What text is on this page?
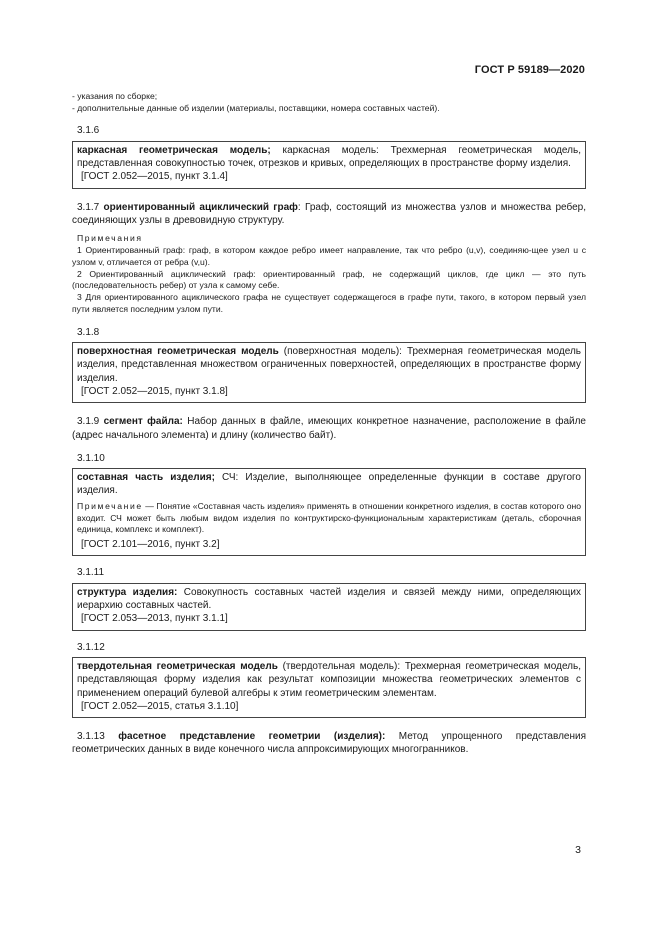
ГОСТ Р 59189—2020
- указания по сборке;
- дополнительные данные об изделии (материалы, поставщики, номера составных частей).
3.1.6

каркасная геометрическая модель; каркасная модель: Трехмерная геометрическая модель, представленная совокупностью точек, отрезков и кривых, определяющих в пространстве форму изделия.

[ГОСТ 2.052—2015, пункт 3.1.4]

3.1.7 ориентированный ациклический граф: Граф, состоящий из множества узлов и множества ребер, соединяющих узлы в древовидную структуру.

Примечания
1 Ориентированный граф: граф, в котором каждое ребро имеет направление, так что ребро (u,v), соединяю-щее узел u с узлом v, отличается от ребра (v,u).
2 Ориентированный ациклический граф: ориентированный граф, не содержащий циклов, где цикл — это путь (последовательность ребер) от узла к самому себе.
3 Для ориентированного ациклического графа не существует содержащегося в графе пути, такого, в котором первый узел пути является последним узлом пути.
3.1.8

поверхностная геометрическая модель (поверхностная модель): Трехмерная геометрическая модель изделия, представленная множеством ограниченных поверхностей, определяющих в пространстве форму изделия.

[ГОСТ 2.052—2015, пункт 3.1.8]

3.1.9 сегмент файла: Набор данных в файле, имеющих конкретное назначение, расположение в файле (адрес начального элемента) и длину (количество байт).

3.1.10

составная часть изделия; СЧ: Изделие, выполняющее определенные функции в составе другого изделия.

Примечание — Понятие «Составная часть изделия» применять в отношении конкретного изделия, в состав которого оно входит. СЧ может быть любым видом изделия по контруктирско-функциональным характеристикам (деталь, сборочная единица, комплекс и комплект).

[ГОСТ 2.101—2016, пункт 3.2]
3.1.11

структура изделия: Совокупность составных частей изделия и связей между ними, определяющих иерархию составных частей.

[ГОСТ 2.053—2013, пункт 3.1.1]
3.1.12

твердотельная геометрическая модель (твердотельная модель): Трехмерная геометрическая модель, представляющая форму изделия как результат композиции множества геометрических элементов с применением операций булевой алгебры к этим геометрическим элементам.

[ГОСТ 2.052—2015, статья 3.1.10]

3.1.13 фасетное представление геометрии (изделия): Метод упрощенного представления геометрических данных в виде конечного числа аппроксимирующих многогранников.

3
